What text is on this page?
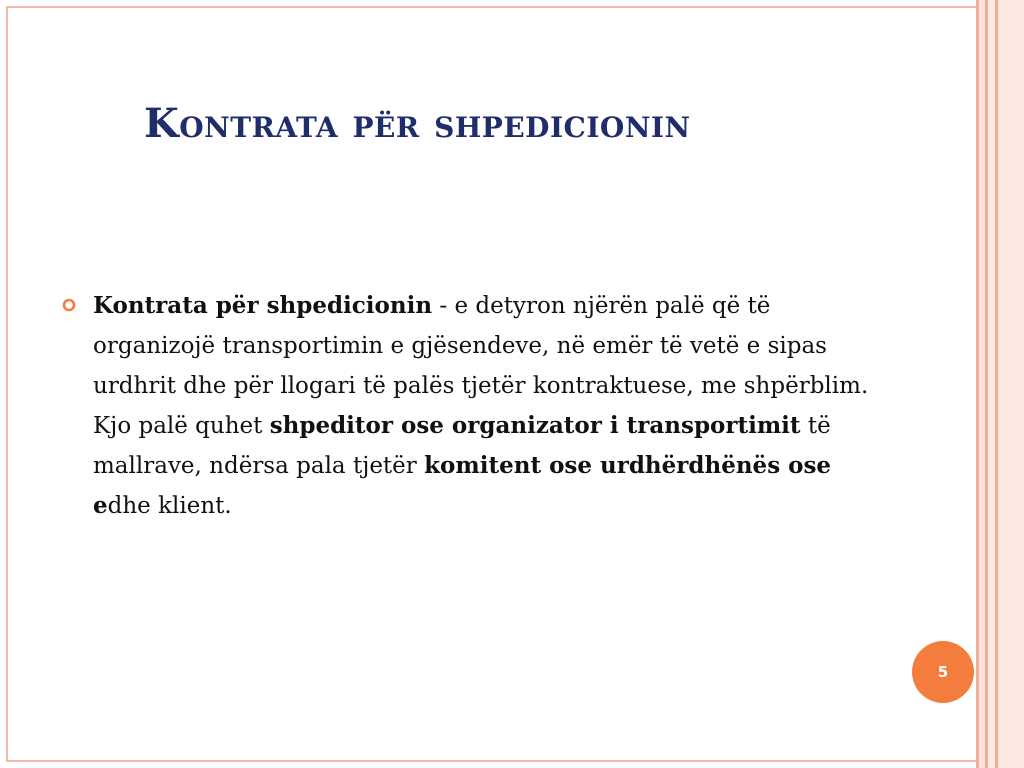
Kontrata për shpedicionin

Kontrata për shpedicionin - e detyron njërën palë që të organizojë transportimin e gjësendeve, në emër të vetë e sipas urdhrit dhe për llogari të palës tjetër kontraktuese, me shpërblim. Kjo palë quhet shpeditor ose organizator i transportimit të mallrave, ndërsa pala tjetër komitent ose urdhërdhënës ose edhe klient.

5
